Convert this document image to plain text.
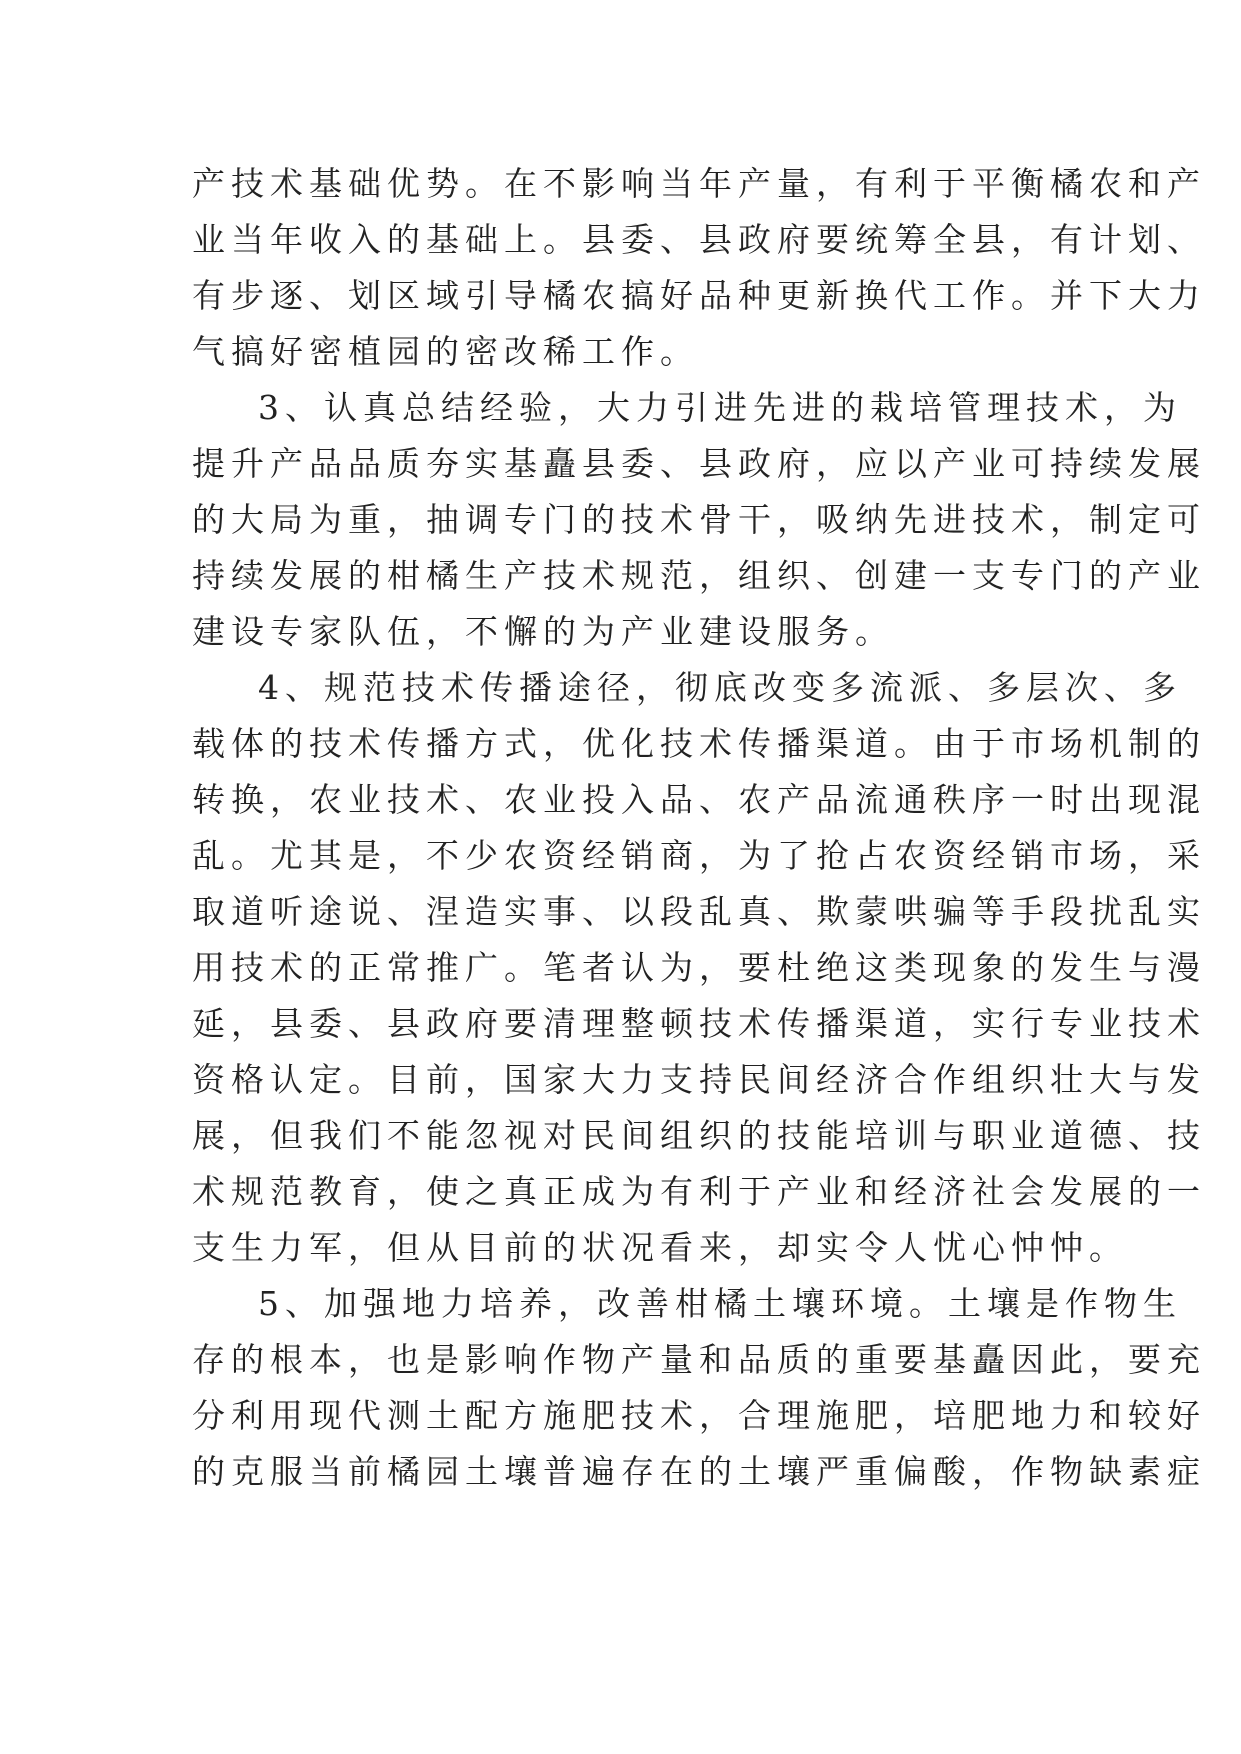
产技术基础优势。在不影响当年产量，有利于平衡橘农和产
业当年收入的基础上。县委、县政府要统筹全县，有计划、
有步逐、划区域引导橘农搞好品种更新换代工作。并下大力
气搞好密植园的密改稀工作。
3、认真总结经验，大力引进先进的栽培管理技术，为
提升产品品质夯实基矗县委、县政府，应以产业可持续发展
的大局为重，抽调专门的技术骨干，吸纳先进技术，制定可
持续发展的柑橘生产技术规范，组织、创建一支专门的产业
建设专家队伍，不懈的为产业建设服务。
4、规范技术传播途径，彻底改变多流派、多层次、多
载体的技术传播方式，优化技术传播渠道。由于市场机制的
转换，农业技术、农业投入品、农产品流通秩序一时出现混
乱。尤其是，不少农资经销商，为了抢占农资经销市场，采
取道听途说、涅造实事、以段乱真、欺蒙哄骗等手段扰乱实
用技术的正常推广。笔者认为，要杜绝这类现象的发生与漫
延，县委、县政府要清理整顿技术传播渠道，实行专业技术
资格认定。目前，国家大力支持民间经济合作组织壮大与发
展，但我们不能忽视对民间组织的技能培训与职业道德、技
术规范教育，使之真正成为有利于产业和经济社会发展的一
支生力军，但从目前的状况看来，却实令人忧心忡忡。
5、加强地力培养，改善柑橘土壤环境。土壤是作物生
存的根本，也是影响作物产量和品质的重要基矗因此，要充
分利用现代测土配方施肥技术，合理施肥，培肥地力和较好
的克服当前橘园土壤普遍存在的土壤严重偏酸，作物缺素症
